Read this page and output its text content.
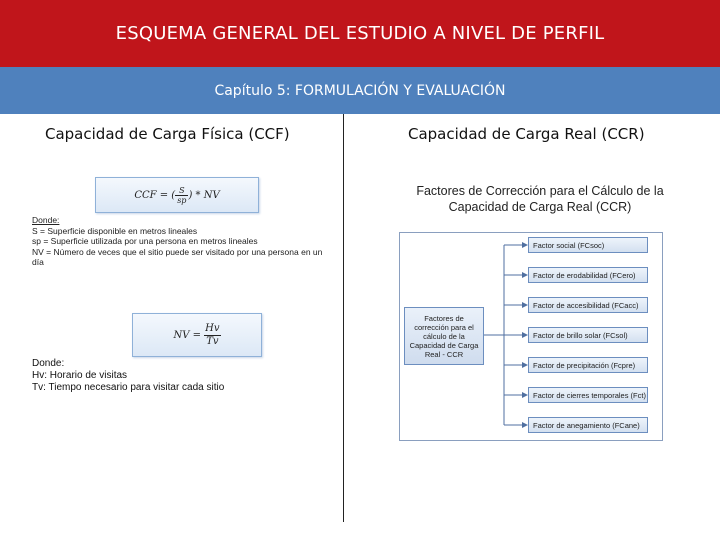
ESQUEMA GENERAL DEL ESTUDIO A NIVEL DE PERFIL
Capítulo 5: FORMULACIÓN Y EVALUACIÓN
Capacidad de Carga Física (CCF)
CCF = ( $\frac{S}{sp}$ ) * NV
Donde:
S = Superficie disponible en metros lineales
sp = Superficie utilizada por una persona en metros lineales
NV = Número de veces que el sitio puede ser visitado por una persona en un día
NV = $\frac{Hv}{Tv}$
Donde:
Hv: Horario de visitas
Tv: Tiempo necesario para visitar cada sitio
Capacidad de Carga Real (CCR)
Factores de Corrección para el Cálculo de la Capacidad de Carga Real (CCR)
Factores de corrección para el cálculo de la Capacidad de Carga Real - CCR
Factor social (FCsoc)
Factor de erodabilidad (FCero)
Factor de accesibilidad (FCacc)
Factor de brillo solar (FCsol)
Factor de precipitación (Fcpre)
Factor de cierres temporales (Fct)
Factor de anegamiento (FCane)
